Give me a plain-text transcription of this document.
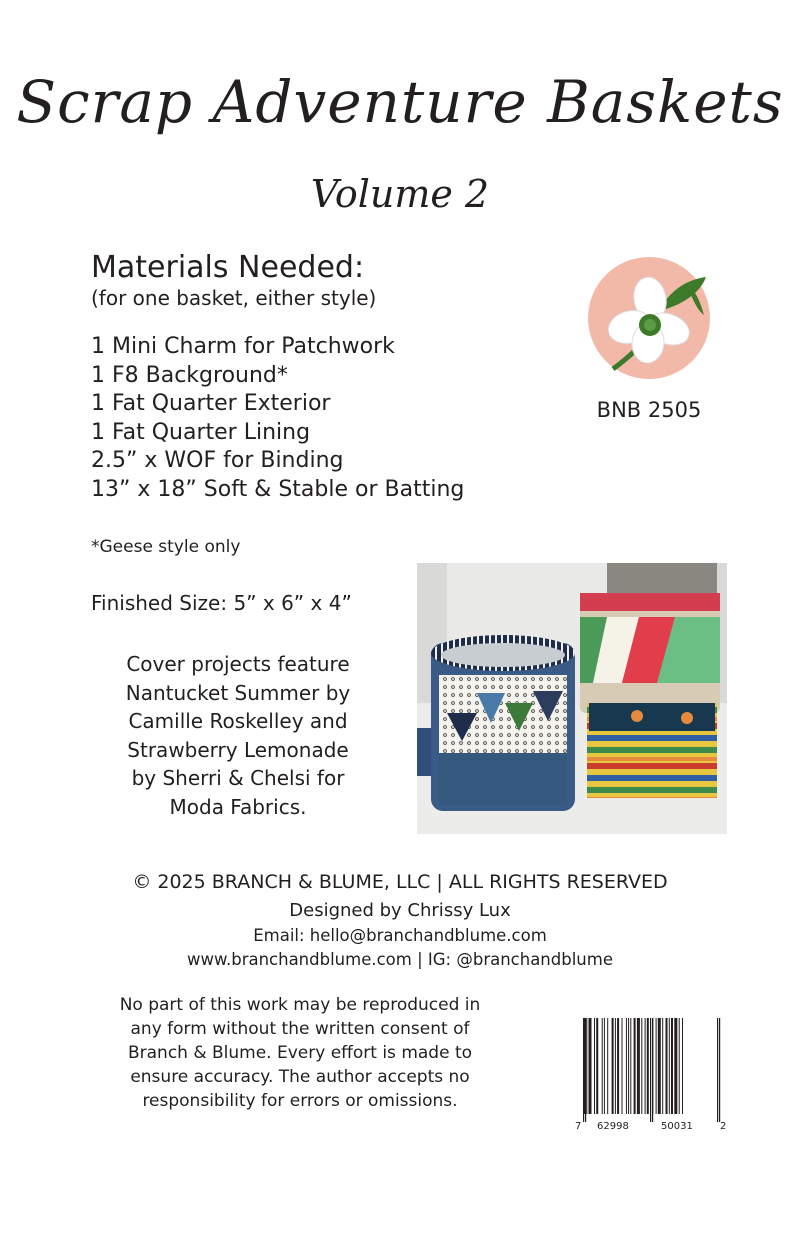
Scrap Adventure Baskets
Volume 2
Materials Needed:
(for one basket, either style)
1 Mini Charm for Patchwork
1 F8 Background*
1 Fat Quarter Exterior
1 Fat Quarter Lining
2.5” x WOF for Binding
13” x 18” Soft & Stable or Batting
BNB 2505
*Geese style only
Finished Size: 5” x 6” x 4”
Cover projects feature
Nantucket Summer by
Camille Roskelley and
Strawberry Lemonade
by Sherri & Chelsi for
Moda Fabrics.
© 2025 BRANCH & BLUME, LLC | ALL RIGHTS RESERVED
Designed by Chrissy Lux
Email: hello@branchandblume.com
www.branchandblume.com | IG: @branchandblume
No part of this work may be reproduced in
any form without the written consent of
Branch & Blume. Every effort is made to
ensure accuracy. The author accepts no
responsibility for errors or omissions.
7 62998	50031	2
